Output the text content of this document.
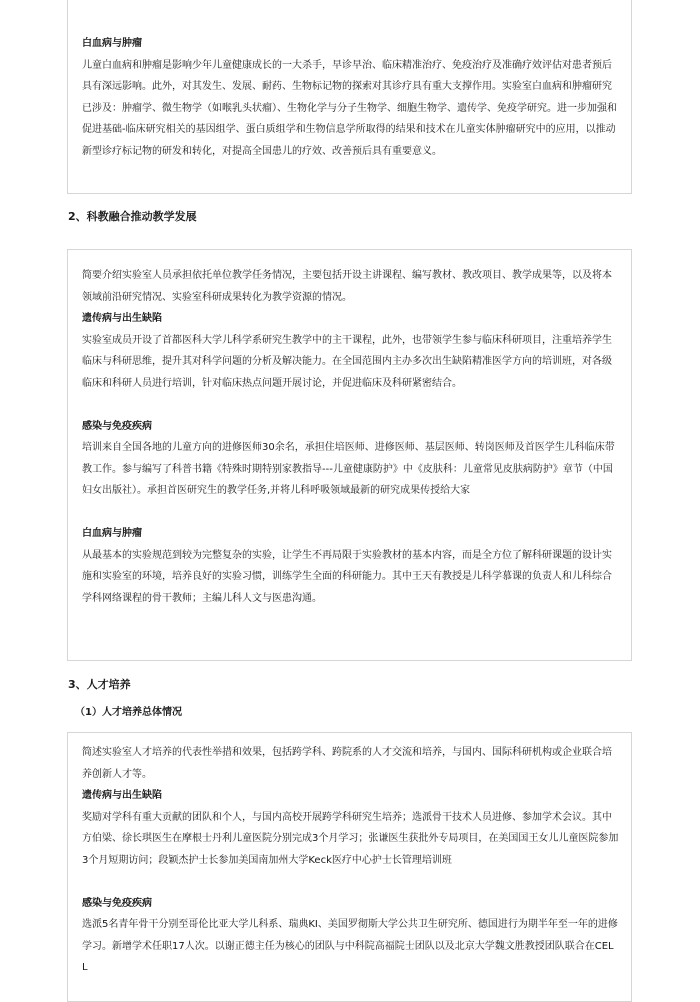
白血病与肿瘤

儿童白血病和肿瘤是影响少年儿童健康成长的一大杀手，早诊早治、临床精准治疗、免疫治疗及准确疗效评估对患者预后具有深远影响。此外，对其发生、发展、耐药、生物标记物的探索对其诊疗具有重大支撑作用。实验室白血病和肿瘤研究已涉及：肿瘤学、微生物学（如喉乳头状瘤）、生物化学与分子生物学、细胞生物学、遗传学、免疫学研究。进一步加强和促进基础-临床研究相关的基因组学、蛋白质组学和生物信息学所取得的结果和技术在儿童实体肿瘤研究中的应用，以推动新型诊疗标记物的研发和转化，对提高全国患儿的疗效、改善预后具有重要意义。

2、科教融合推动教学发展

简要介绍实验室人员承担依托单位教学任务情况，主要包括开设主讲课程、编写教材、教改项目、教学成果等，以及将本领域前沿研究情况、实验室科研成果转化为教学资源的情况。

遗传病与出生缺陷

实验室成员开设了首都医科大学儿科学系研究生教学中的主干课程，此外，也带领学生参与临床科研项目，注重培养学生临床与科研思维，提升其对科学问题的分析及解决能力。在全国范围内主办多次出生缺陷精准医学方向的培训班，对各级临床和科研人员进行培训，针对临床热点问题开展讨论，并促进临床及科研紧密结合。

感染与免疫疾病

培训来自全国各地的儿童方向的进修医师30余名，承担住培医师、进修医师、基层医师、转岗医师及首医学生儿科临床带教工作。参与编写了科普书籍《特殊时期特别家教指导---儿童健康防护》中《皮肤科：儿童常见皮肤病防护》章节（中国妇女出版社）。承担首医研究生的教学任务,并将儿科呼吸领域最新的研究成果传授给大家

白血病与肿瘤

从最基本的实验规范到较为完整复杂的实验，让学生不再局限于实验教材的基本内容，而是全方位了解科研课题的设计实施和实验室的环境，培养良好的实验习惯，训练学生全面的科研能力。其中王天有教授是儿科学慕课的负责人和儿科综合学科网络课程的骨干教师；主编儿科人文与医患沟通。

3、人才培养
（1）人才培养总体情况

简述实验室人才培养的代表性举措和效果，包括跨学科、跨院系的人才交流和培养，与国内、国际科研机构或企业联合培养创新人才等。

遗传病与出生缺陷

奖励对学科有重大贡献的团队和个人，与国内高校开展跨学科研究生培养；选派骨干技术人员进修、参加学术会议。其中方伯梁、徐长琪医生在摩根士丹利儿童医院分别完成3个月学习；张谦医生获批外专局项目，在美国国王女儿儿童医院参加3个月短期访问；段颖杰护士长参加美国南加州大学Keck医疗中心护士长管理培训班

感染与免疫疾病

选派5名青年骨干分别至哥伦比亚大学儿科系、瑞典KI、美国罗彻斯大学公共卫生研究所、德国进行为期半年至一年的进修学习。新增学术任职17人次。以谢正德主任为核心的团队与中科院高福院士团队以及北京大学魏文胜教授团队联合在CELL
